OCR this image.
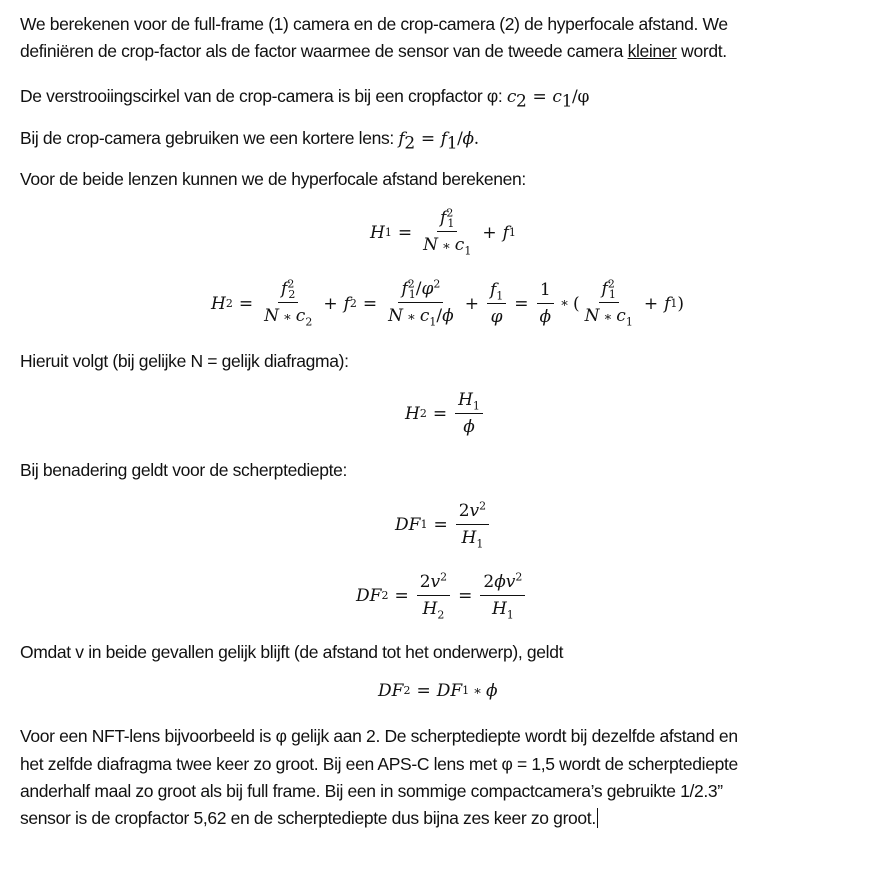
We berekenen voor de full-frame (1) camera en de crop-camera (2) de hyperfocale afstand. We
definiëren de crop-factor als de factor waarmee de sensor van de tweede camera kleiner wordt.
De verstrooiingscirkel van de crop-camera is bij een cropfactor φ: $c_2 = c_1/\varphi$
Bij de crop-camera gebruiken we een kortere lens: $f_2 = f_1/\phi$.
Voor de beide lenzen kunnen we de hyperfocale afstand berekenen:
H $1 = \frac{f^2_1}{N ∗ c_1} + f$ 1
H $2 = \frac{f^2_2}{N ∗ c_2} + f$ $2 = \frac{f^2_1/\varphi^2}{N ∗ c_1/\phi} + \frac{f_1}{\varphi} = \frac{1}{\phi}$ ∗ ( $\frac{f^2_1}{N ∗ c_1} + f$ 1 )
Hieruit volgt (bij gelijke N = gelijk diafragma):
H $2 = \frac{H_1}{\phi}$
Bij benadering geldt voor de scherptediepte:
DF $1 = \frac{2v^2}{H_1}$
DF $2 = \frac{2v^2}{H_2} = \frac{2\phi v^2}{H_1}$
Omdat v in beide gevallen gelijk blijft (de afstand tot het onderwerp), geldt
DF 2 = DF 1 ∗ ϕ
Voor een NFT-lens bijvoorbeeld is φ gelijk aan 2. De scherptediepte wordt bij dezelfde afstand en
het zelfde diafragma twee keer zo groot. Bij een APS-C lens met φ = 1,5 wordt de scherptediepte
anderhalf maal zo groot als bij full frame. Bij een in sommige compactcamera’s gebruikte 1/2.3”
sensor is de cropfactor 5,62 en de scherptediepte dus bijna zes keer zo groot.
